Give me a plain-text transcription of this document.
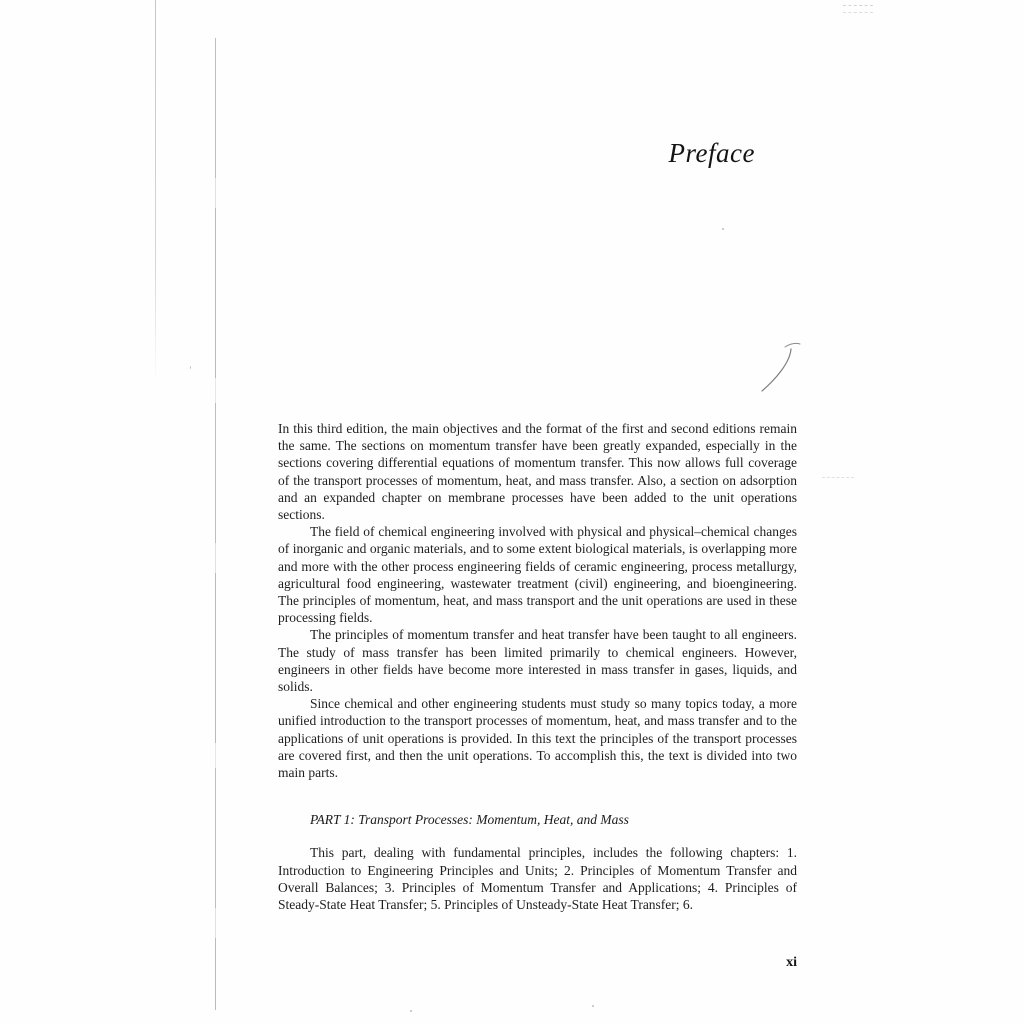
Preface

In this third edition, the main objectives and the format of the first and second editions remain the same. The sections on momentum transfer have been greatly expanded, especially in the sections covering differential equations of momentum transfer. This now allows full coverage of the transport processes of momentum, heat, and mass transfer. Also, a section on adsorption and an expanded chapter on membrane processes have been added to the unit operations sections.

The field of chemical engineering involved with physical and physical–chemical changes of inorganic and organic materials, and to some extent biological materials, is overlapping more and more with the other process engineering fields of ceramic engineering, process metallurgy, agricultural food engineering, wastewater treatment (civil) engineering, and bioengineering. The principles of momentum, heat, and mass transport and the unit operations are used in these processing fields.

The principles of momentum transfer and heat transfer have been taught to all engineers. The study of mass transfer has been limited primarily to chemical engineers. However, engineers in other fields have become more interested in mass transfer in gases, liquids, and solids.

Since chemical and other engineering students must study so many topics today, a more unified introduction to the transport processes of momentum, heat, and mass transfer and to the applications of unit operations is provided. In this text the principles of the transport processes are covered first, and then the unit operations. To accomplish this, the text is divided into two main parts.

PART 1: Transport Processes: Momentum, Heat, and Mass

This part, dealing with fundamental principles, includes the following chapters: 1. Introduction to Engineering Principles and Units; 2. Principles of Momentum Transfer and Overall Balances; 3. Principles of Momentum Transfer and Applications; 4. Principles of Steady-State Heat Transfer; 5. Principles of Unsteady-State Heat Transfer; 6.

xi
